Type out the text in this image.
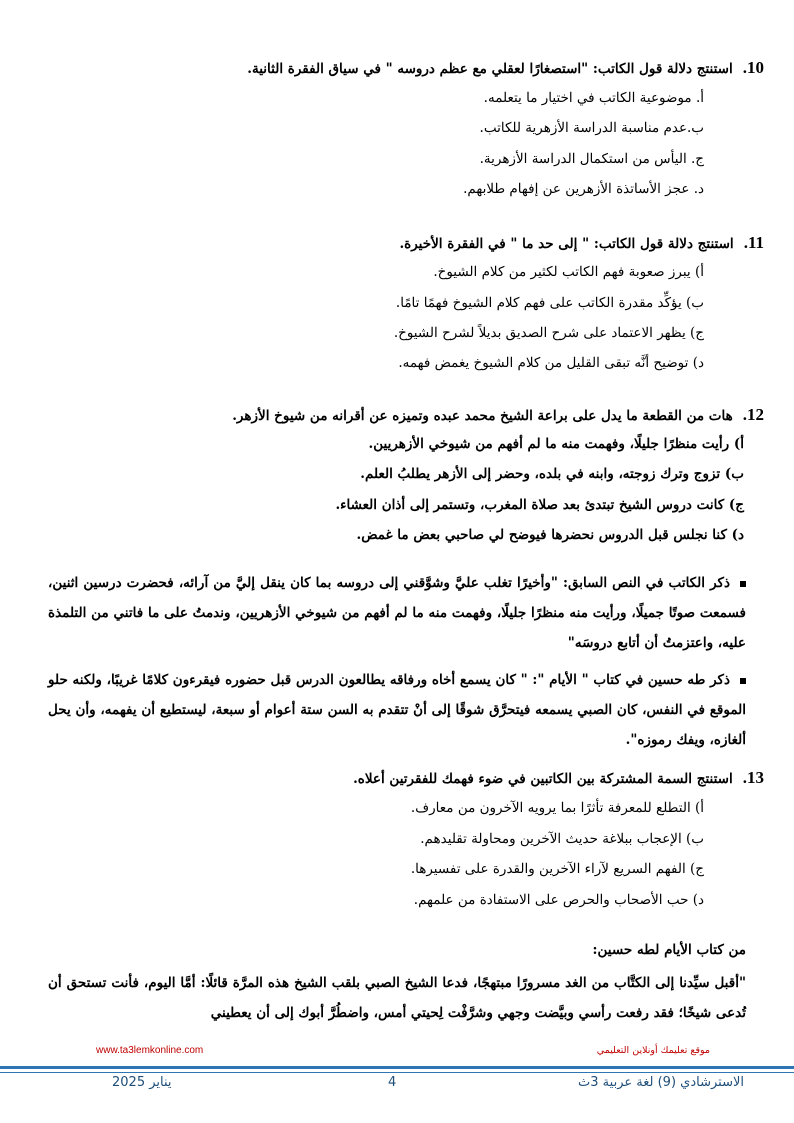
10.استنتج دلالة قول الكاتب: "استصغارًا لعقلي مع عظم دروسه " في سياق الفقرة الثانية.
أ. موضوعية الكاتب في اختيار ما يتعلمه.
ب.عدم مناسبة الدراسة الأزهرية للكاتب.
ج. اليأس من استكمال الدراسة الأزهرية.
د. عجز الأساتذة الأزهرين عن إفهام طلابهم.
11.استنتج دلالة قول الكاتب: " إلى حد ما " في الفقرة الأخيرة.
أ) يبرز صعوبة فهم الكاتب لكثير من كلام الشيوخ.
ب) يؤكِّد مقدرة الكاتب على فهم كلام الشيوخ فهمًا تامًا.
ج) يظهر الاعتماد على شرح الصديق بديلاً لشرح الشيوخ.
د) توضيح أنَّه تبقى القليل من كلام الشيوخ يغمض فهمه.
12.هات من القطعة ما يدل على براعة الشيخ محمد عبده وتميزه عن أقرانه من شيوخ الأزهر.
أ) رأيت منظرًا جليلًا، وفهمت منه ما لم أفهم من شيوخي الأزهريين.
ب) تزوج وترك زوجته، وابنه في بلده، وحضر إلى الأزهر يطلبُ العلم.
ج) كانت دروس الشيخ تبتدئ بعد صلاة المغرب، وتستمر إلى أذان العشاء.
د) كنا نجلس قبل الدروس نحضرها فيوضح لي صاحبي بعض ما غمض.
ذكر الكاتب في النص السابق: "وأخيرًا تغلب عليَّ وشوَّقني إلى دروسه بما كان ينقل إليَّ من آرائه، فحضرت درسين اثنين، فسمعت صوتًا جميلًا، ورأيت منه منظرًا جليلًا، وفهمت منه ما لم أفهم من شيوخي الأزهريين، وندمتُ على ما فاتني من التلمذة عليه، واعتزمتُ أن أتابع دروسَه"
ذكر طه حسين في كتاب " الأيام ": " كان يسمع أخاه ورفاقه يطالعون الدرس قبل حضوره فيقرءون كلامًا غريبًا، ولكنه حلو الموقع في النفس، كان الصبي يسمعه فيتحرَّق شوقًا إلى أنْ تتقدم به السن ستة أعوام أو سبعة، ليستطيع أن يفهمه، وأن يحل ألغازه، ويفك رموزه".
13.استنتج السمة المشتركة بين الكاتبين في ضوء فهمك للفقرتين أعلاه.
أ) التطلع للمعرفة تأثرًا بما يرويه الآخرون من معارف.
ب) الإعجاب ببلاغة حديث الآخرين ومحاولة تقليدهم.
ج) الفهم السريع لآراء الآخرين والقدرة على تفسيرها.
د) حب الأصحاب والحرص على الاستفادة من علمهم.
من كتاب الأيام لطه حسين:
"أقبل سيِّدنا إلى الكتَّاب من الغد مسرورًا مبتهجًا، فدعا الشيخ الصبي بلقب الشيخ هذه المرَّة قائلًا: أمَّا اليوم، فأنت تستحق أن تُدعى شيخًا؛ فقد رفعت رأسي وبيَّضت وجهي وشرَّفْت لِحيتي أمس، واضطُرَّ أبوك إلى أن يعطيني
www.ta3lemkonline.com	موقع تعليمك أونلاين التعليمي
الاسترشادي (9) لغة عربية 3ث
4
يناير 2025
